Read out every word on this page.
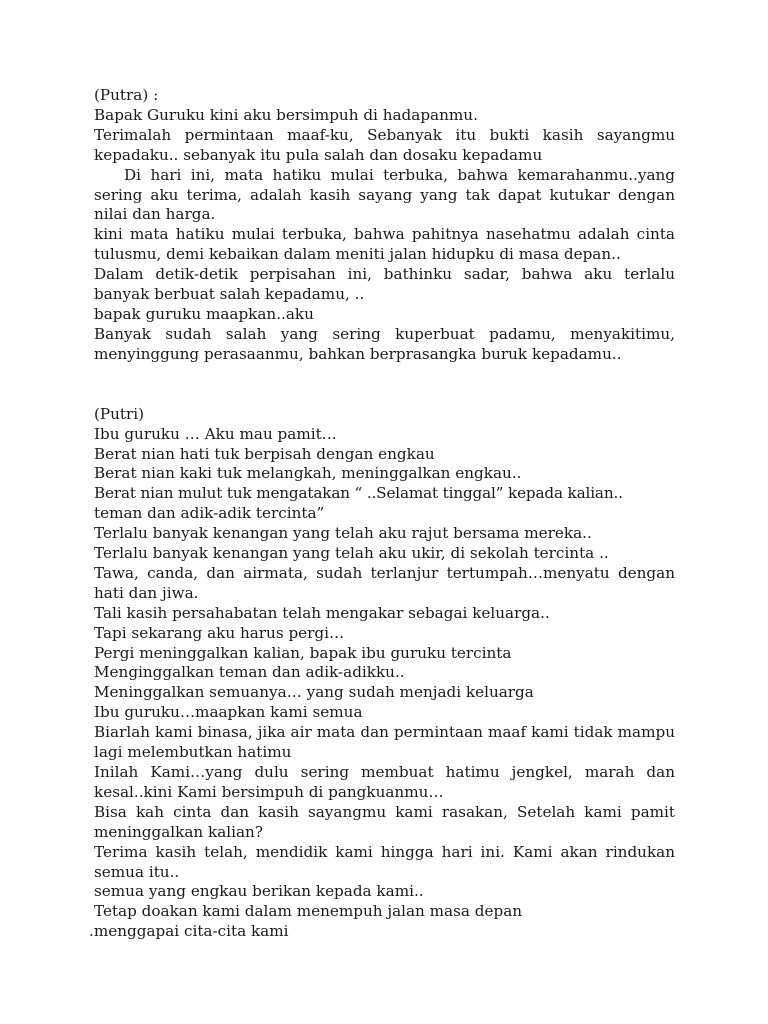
(Putra) :
Bapak Guruku kini aku bersimpuh di hadapanmu.
Terimalah permintaan maaf-ku, Sebanyak itu bukti kasih sayangmu kepadaku.. sebanyak itu pula salah dan dosaku kepadamu
Di hari ini, mata hatiku mulai terbuka, bahwa kemarahanmu..yang sering aku terima, adalah kasih sayang yang tak dapat kutukar dengan nilai dan harga.
kini mata hatiku mulai terbuka, bahwa pahitnya nasehatmu adalah cinta tulusmu, demi kebaikan dalam meniti jalan hidupku di masa depan..
Dalam detik-detik perpisahan ini, bathinku sadar, bahwa aku terlalu banyak berbuat salah kepadamu, ..
bapak guruku maapkan..aku
Banyak sudah salah yang sering kuperbuat padamu, menyakitimu, menyinggung perasaanmu, bahkan berprasangka buruk kepadamu..
(Putri)
Ibu guruku … Aku mau pamit…
Berat nian hati tuk berpisah dengan engkau
Berat nian kaki tuk melangkah, meninggalkan engkau..
Berat nian mulut tuk mengatakan “ ..Selamat tinggal” kepada kalian..
teman dan adik-adik tercinta”
Terlalu banyak kenangan yang telah aku rajut bersama mereka..
Terlalu banyak kenangan yang telah aku ukir, di sekolah tercinta ..
Tawa, canda, dan airmata, sudah terlanjur tertumpah…menyatu dengan hati dan jiwa.
Tali kasih persahabatan telah mengakar sebagai keluarga..
Tapi sekarang aku harus pergi…
Pergi meninggalkan kalian, bapak ibu guruku tercinta
Menginggalkan teman dan adik-adikku..
Meninggalkan semuanya… yang sudah menjadi keluarga
Ibu guruku…maapkan kami semua
Biarlah kami binasa, jika air mata dan permintaan maaf kami tidak mampu lagi melembutkan hatimu
Inilah Kami…yang dulu sering membuat hatimu jengkel, marah dan kesal..kini Kami bersimpuh di pangkuanmu…
Bisa kah cinta dan kasih sayangmu kami rasakan, Setelah kami pamit meninggalkan kalian?
Terima kasih telah, mendidik kami hingga hari ini. Kami akan rindukan semua itu..
semua yang engkau berikan kepada kami..
Tetap doakan kami dalam menempuh jalan masa depan
.menggapai cita-cita kami
